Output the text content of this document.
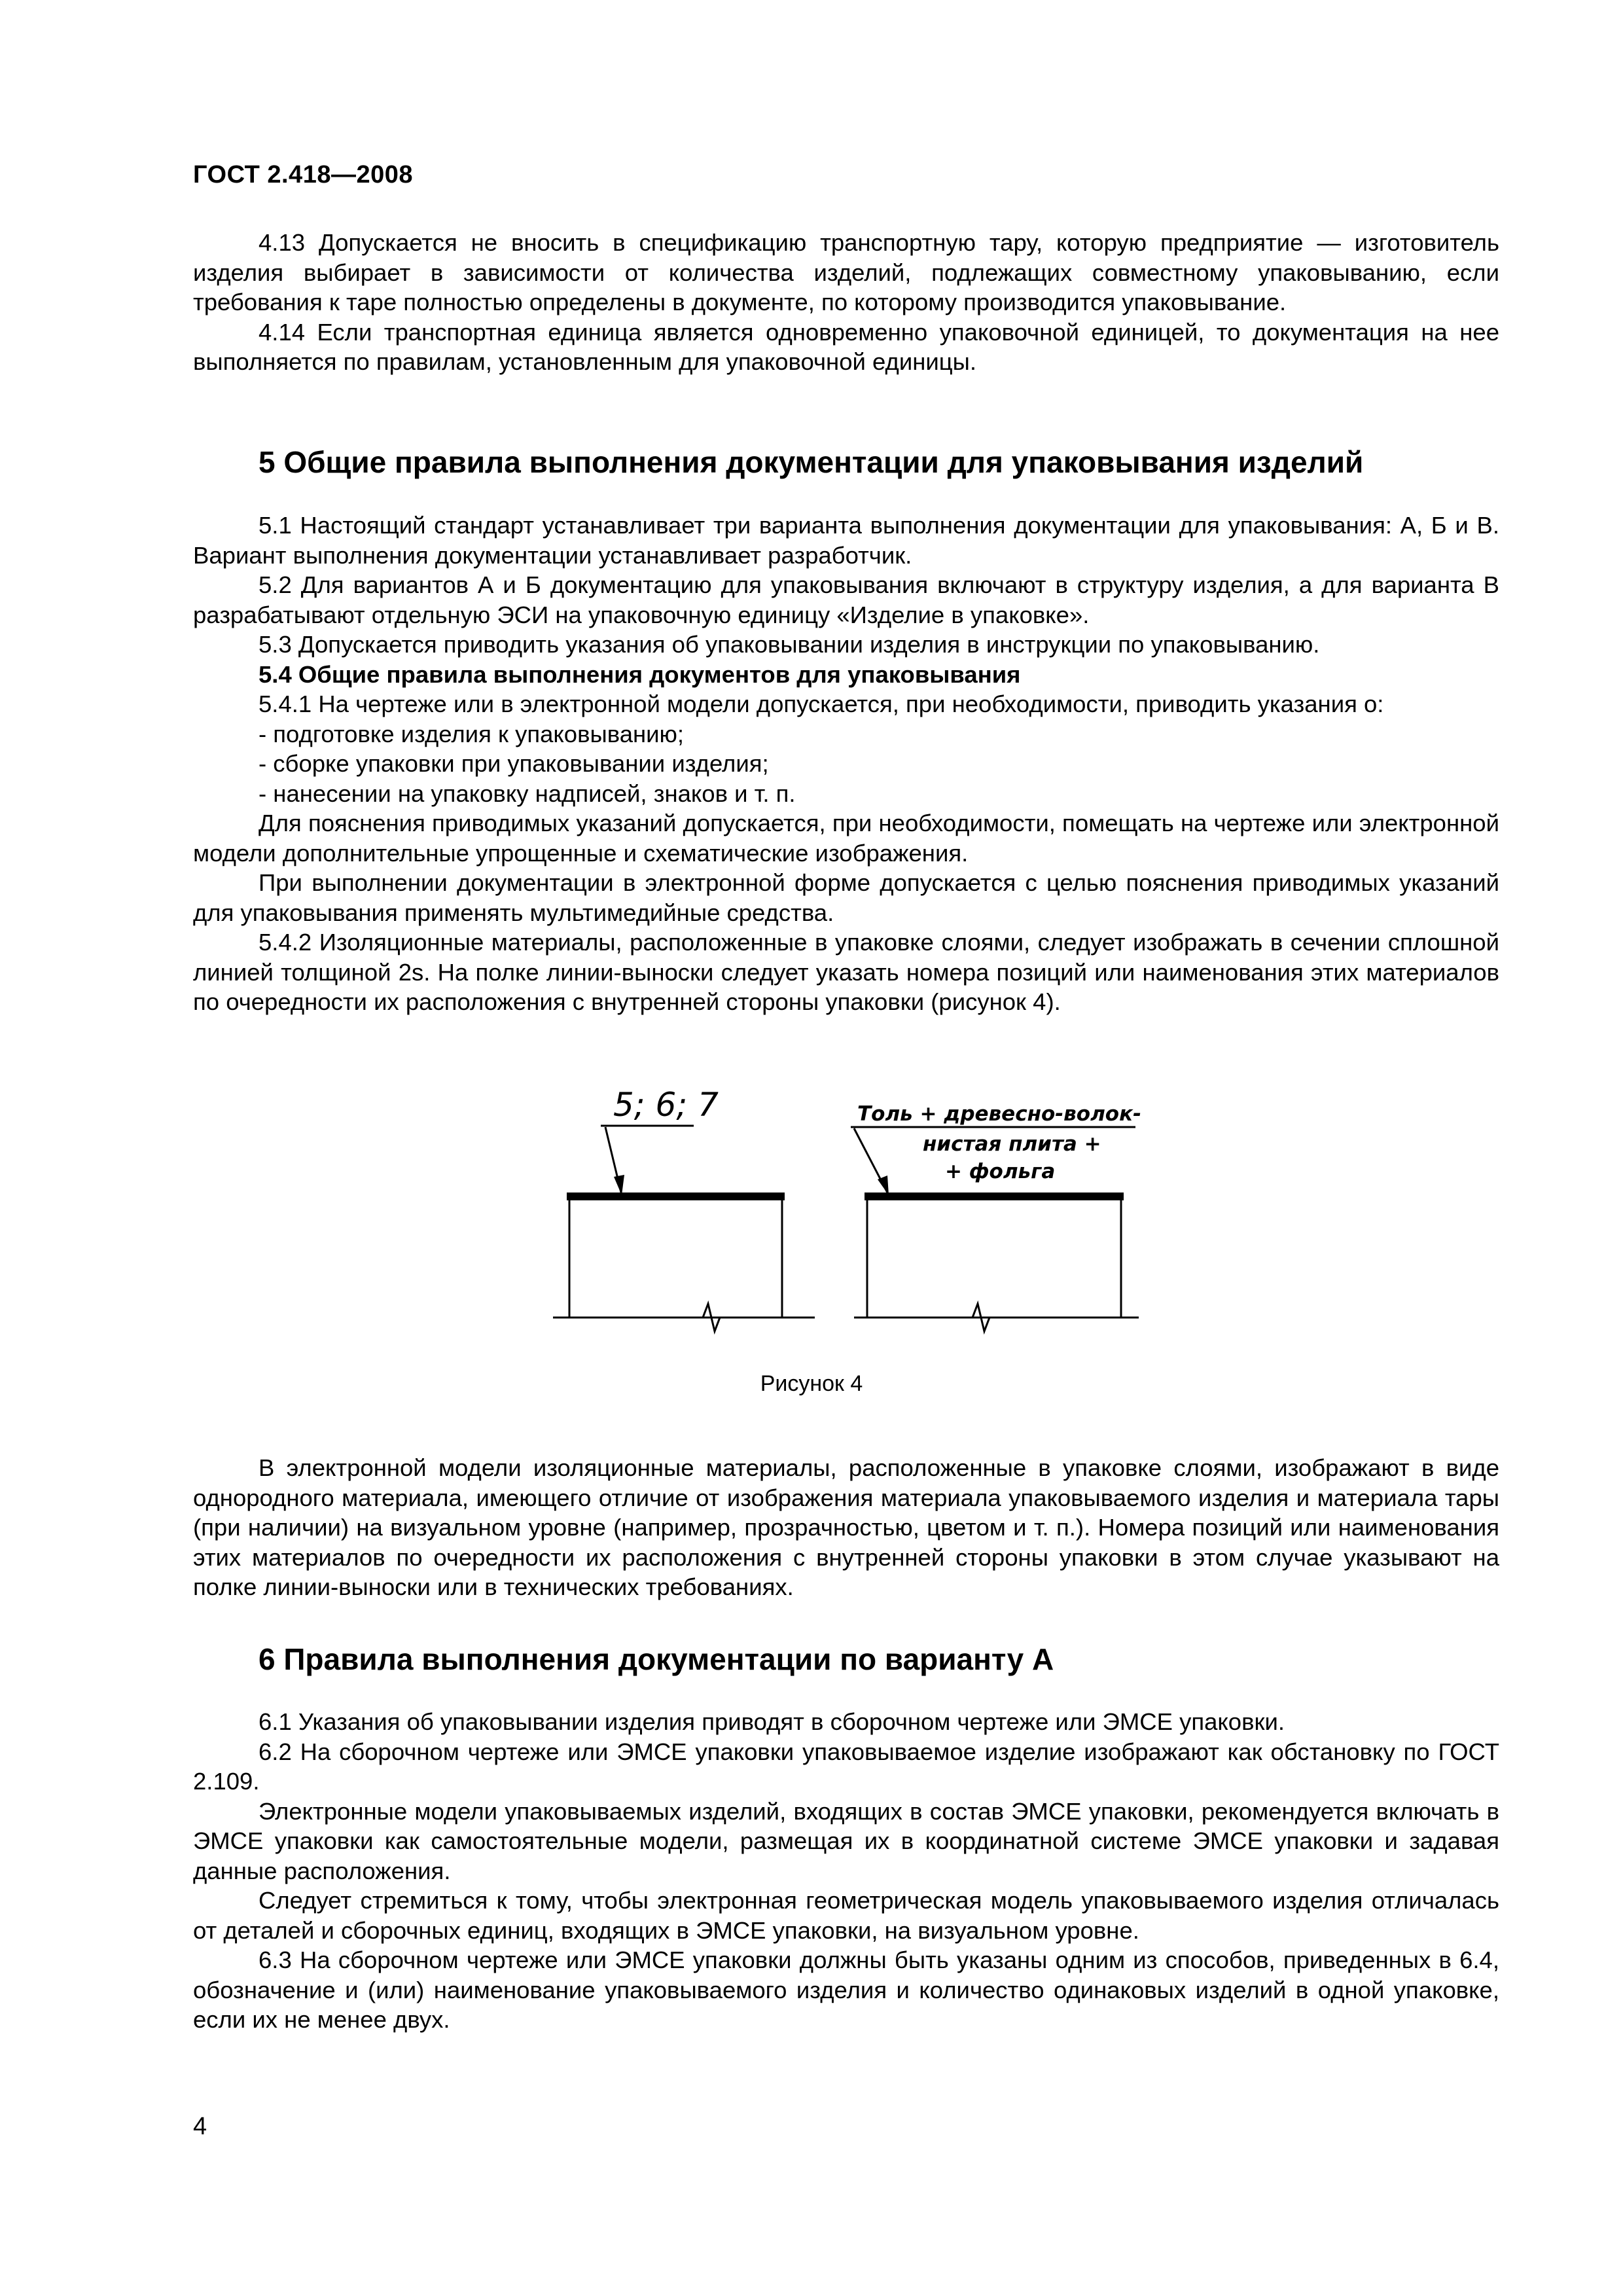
ГОСТ 2.418—2008

4.13 Допускается не вносить в спецификацию транспортную тару, которую предприятие — изготовитель изделия выбирает в зависимости от количества изделий, подлежащих совместному упаковыванию, если требования к таре полностью определены в документе, по которому производится упаковывание.

4.14 Если транспортная единица является одновременно упаковочной единицей, то документация на нее выполняется по правилам, установленным для упаковочной единицы.

5 Общие правила выполнения документации для упаковывания изделий

5.1 Настоящий стандарт устанавливает три варианта выполнения документации для упаковывания: А, Б и В. Вариант выполнения документации устанавливает разработчик.

5.2 Для вариантов А и Б документацию для упаковывания включают в структуру изделия, а для варианта В разрабатывают отдельную ЭСИ на упаковочную единицу «Изделие в упаковке».

5.3 Допускается приводить указания об упаковывании изделия в инструкции по упаковыванию.

5.4 Общие правила выполнения документов для упаковывания

5.4.1 На чертеже или в электронной модели допускается, при необходимости, приводить указания о:

- подготовке изделия к упаковыванию;

- сборке упаковки при упаковывании изделия;

- нанесении на упаковку надписей, знаков и т. п.

Для пояснения приводимых указаний допускается, при необходимости, помещать на чертеже или электронной модели дополнительные упрощенные и схематические изображения.

При выполнении документации в электронной форме допускается с целью пояснения приводимых указаний для упаковывания применять мультимедийные средства.

5.4.2 Изоляционные материалы, расположенные в упаковке слоями, следует изображать в сечении сплошной линией толщиной 2s. На полке линии-выноски следует указать номера позиций или наименования этих материалов по очередности их расположения с внутренней стороны упаковки (рисунок 4).

5; 6; 7	Толь + древесно-волок-
нистая плита +
+ фольга
Рисунок 4

В электронной модели изоляционные материалы, расположенные в упаковке слоями, изображают в виде однородного материала, имеющего отличие от изображения материала упаковываемого изделия и материала тары (при наличии) на визуальном уровне (например, прозрачностью, цветом и т. п.). Номера позиций или наименования этих материалов по очередности их расположения с внутренней стороны упаковки в этом случае указывают на полке линии-выноски или в технических требованиях.

6 Правила выполнения документации по варианту А

6.1 Указания об упаковывании изделия приводят в сборочном чертеже или ЭМСЕ упаковки.

6.2 На сборочном чертеже или ЭМСЕ упаковки упаковываемое изделие изображают как обстановку по ГОСТ 2.109.

Электронные модели упаковываемых изделий, входящих в состав ЭМСЕ упаковки, рекомендуется включать в ЭМСЕ упаковки как самостоятельные модели, размещая их в координатной системе ЭМСЕ упаковки и задавая данные расположения.

Следует стремиться к тому, чтобы электронная геометрическая модель упаковываемого изделия отличалась от деталей и сборочных единиц, входящих в ЭМСЕ упаковки, на визуальном уровне.

6.3 На сборочном чертеже или ЭМСЕ упаковки должны быть указаны одним из способов, приведенных в 6.4, обозначение и (или) наименование упаковываемого изделия и количество одинаковых изделий в одной упаковке, если их не менее двух.

4
